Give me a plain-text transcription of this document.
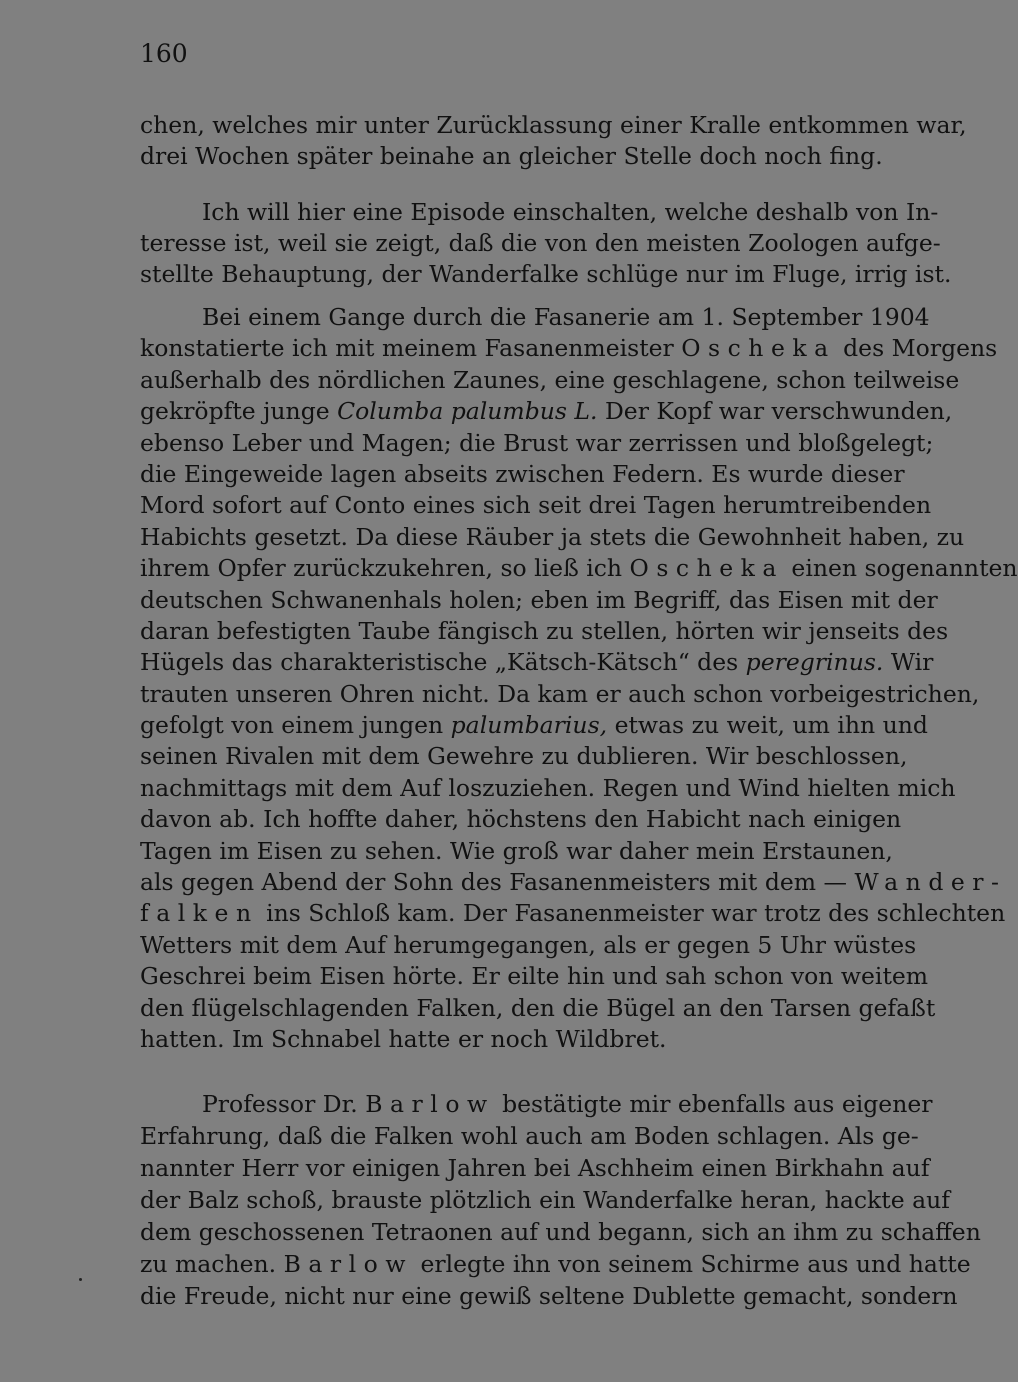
160
chen, welches mir unter Zurücklassung einer Kralle entkommen war,
drei Wochen später beinahe an gleicher Stelle doch noch fing.
Ich will hier eine Episode einschalten, welche deshalb von In-
teresse ist, weil sie zeigt, daß die von den meisten Zoologen aufge-
stellte Behauptung, der Wanderfalke schlüge nur im Fluge, irrig ist.
Bei einem Gange durch die Fasanerie am 1. September 1904
konstatierte ich mit meinem Fasanenmeister Oscheka des Morgens
außerhalb des nördlichen Zaunes, eine geschlagene, schon teilweise
gekröpfte junge Columba palumbus L. Der Kopf war verschwunden,
ebenso Leber und Magen; die Brust war zerrissen und bloßgelegt;
die Eingeweide lagen abseits zwischen Federn. Es wurde dieser
Mord sofort auf Conto eines sich seit drei Tagen herumtreibenden
Habichts gesetzt. Da diese Räuber ja stets die Gewohnheit haben, zu
ihrem Opfer zurückzukehren, so ließ ich Oscheka einen sogenannten
deutschen Schwanenhals holen; eben im Begriff, das Eisen mit der
daran befestigten Taube fängisch zu stellen, hörten wir jenseits des
Hügels das charakteristische „Kätsch-Kätsch“ des peregrinus. Wir
trauten unseren Ohren nicht. Da kam er auch schon vorbeigestrichen,
gefolgt von einem jungen palumbarius, etwas zu weit, um ihn und
seinen Rivalen mit dem Gewehre zu dublieren. Wir beschlossen,
nachmittags mit dem Auf loszuziehen. Regen und Wind hielten mich
davon ab. Ich hoffte daher, höchstens den Habicht nach einigen
Tagen im Eisen zu sehen. Wie groß war daher mein Erstaunen,
als gegen Abend der Sohn des Fasanenmeisters mit dem — Wander-
falken ins Schloß kam. Der Fasanenmeister war trotz des schlechten
Wetters mit dem Auf herumgegangen, als er gegen 5 Uhr wüstes
Geschrei beim Eisen hörte. Er eilte hin und sah schon von weitem
den flügelschlagenden Falken, den die Bügel an den Tarsen gefaßt
hatten. Im Schnabel hatte er noch Wildbret.
Professor Dr. Barlow bestätigte mir ebenfalls aus eigener
Erfahrung, daß die Falken wohl auch am Boden schlagen. Als ge-
nannter Herr vor einigen Jahren bei Aschheim einen Birkhahn auf
der Balz schoß, brauste plötzlich ein Wanderfalke heran, hackte auf
dem geschossenen Tetraonen auf und begann, sich an ihm zu schaffen
zu machen. Barlow erlegte ihn von seinem Schirme aus und hatte
die Freude, nicht nur eine gewiß seltene Dublette gemacht, sondern
